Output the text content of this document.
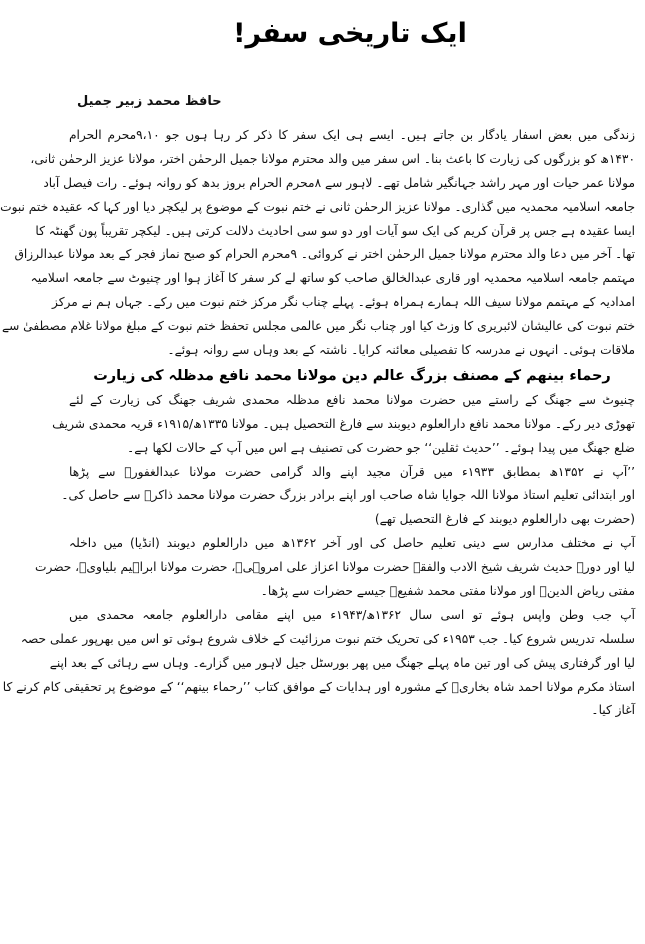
ایک تاریخی سفر!
حافظ محمد زبیر جمیل
زندگی میں بعض اسفار یادگار بن جاتے ہیں۔ ایسے ہی ایک سفر کا ذکر کر رہا ہوں جو ۹،۱۰محرم الحرام
۱۴۳۰ھ کو بزرگوں کی زیارت کا باعث بنا۔ اس سفر میں والد محترم مولانا جمیل الرحمٰن اختر، مولانا عزیز الرحمٰن ثانی،
مولانا عمر حیات اور مہر راشد جہانگیر شامل تھے۔ لاہور سے ۸محرم الحرام بروز بدھ کو روانہ ہوئے۔ رات فیصل آباد
جامعہ اسلامیہ محمدیہ میں گذاری۔ مولانا عزیز الرحمٰن ثانی نے ختم نبوت کے موضوع پر لیکچر دیا اور کہا کہ عقیدہ ختم نبوت
ایسا عقیدہ ہے جس پر قرآن کریم کی ایک سو آیات اور دو سو سی احادیث دلالت کرتی ہیں۔ لیکچر تقریباً پون گھنٹہ کا
تھا۔ آخر میں دعا والد محترم مولانا جمیل الرحمٰن اختر نے کروائی۔ ۹محرم الحرام کو صبح نماز فجر کے بعد مولانا عبدالرزاق
مہتمم جامعہ اسلامیہ محمدیہ اور قاری عبدالخالق صاحب کو ساتھ لے کر سفر کا آغاز ہوا اور چنیوٹ سے جامعہ اسلامیہ
امدادیہ کے مہتمم مولانا سیف اللہ ہمارے ہمراہ ہوئے۔ پہلے چناب نگر مرکز ختم نبوت میں رکے۔ جہاں ہم نے مرکز
ختم نبوت کی عالیشان لائبریری کا وزٹ کیا اور چناب نگر میں عالمی مجلس تحفظ ختم نبوت کے مبلغ مولانا غلام مصطفیٰ سے
ملاقات ہوئی۔ انہوں نے مدرسہ کا تفصیلی معائنہ کرایا۔ ناشتہ کے بعد وہاں سے روانہ ہوئے۔
رحماء بینھم کے مصنف بزرگ عالم دین مولانا محمد نافع مدظلہ کی زیارت
چنیوٹ سے جھنگ کے راستے میں حضرت مولانا محمد نافع مدظلہ محمدی شریف جھنگ کی زیارت کے لئے
تھوڑی دیر رکے۔ مولانا محمد نافع دارالعلوم دیوبند سے فارغ التحصیل ہیں۔ مولانا ۱۳۳۵ھ/۱۹۱۵ء قریہ محمدی شریف
ضلع جھنگ میں پیدا ہوئے۔ ’’حدیث ثقلین‘‘ جو حضرت کی تصنیف ہے اس میں آپ کے حالات لکھا ہے۔
’’آپ نے ۱۳۵۲ھ بمطابق ۱۹۳۳ء میں قرآن مجید اپنے والد گرامی حضرت مولانا عبدالغفورؒ سے پڑھا
اور ابتدائی تعلیم استاذ مولانا اللہ جوایا شاہ صاحب اور اپنے برادر بزرگ حضرت مولانا محمد ذاکرؒ سے حاصل کی۔
(حضرت بھی دارالعلوم دیوبند کے فارغ التحصیل تھے)
آپ نے مختلف مدارس سے دینی تعلیم حاصل کی اور آخر ۱۳۶۲ھ میں دارالعلوم دیوبند (انڈیا) میں داخلہ
لیا اور دورہ حدیث شریف شیخ الادب والفقہ حضرت مولانا اعزاز علی امروہیؒ، حضرت مولانا ابراہیم بلیاویؒ، حضرت
مفتی ریاض الدینؒ اور مولانا مفتی محمد شفیعؒ جیسے حضرات سے پڑھا۔
آپ جب وطن واپس ہوئے تو اسی سال ۱۳۶۲ھ/۱۹۴۳ء میں اپنے مقامی دارالعلوم جامعہ محمدی میں
سلسلہ تدریس شروع کیا۔ جب ۱۹۵۳ء کی تحریک ختم نبوت مرزائیت کے خلاف شروع ہوئی تو اس میں بھرپور عملی حصہ
لیا اور گرفتاری پیش کی اور تین ماہ پہلے جھنگ میں پھر بورسٹل جیل لاہور میں گزارے۔ وہاں سے رہائی کے بعد اپنے
استاذ مکرم مولانا احمد شاہ بخاریؒ کے مشورہ اور ہدایات کے موافق کتاب ’’رحماء بینھم‘‘ کے موضوع پر تحقیقی کام کرنے کا
آغاز کیا۔
